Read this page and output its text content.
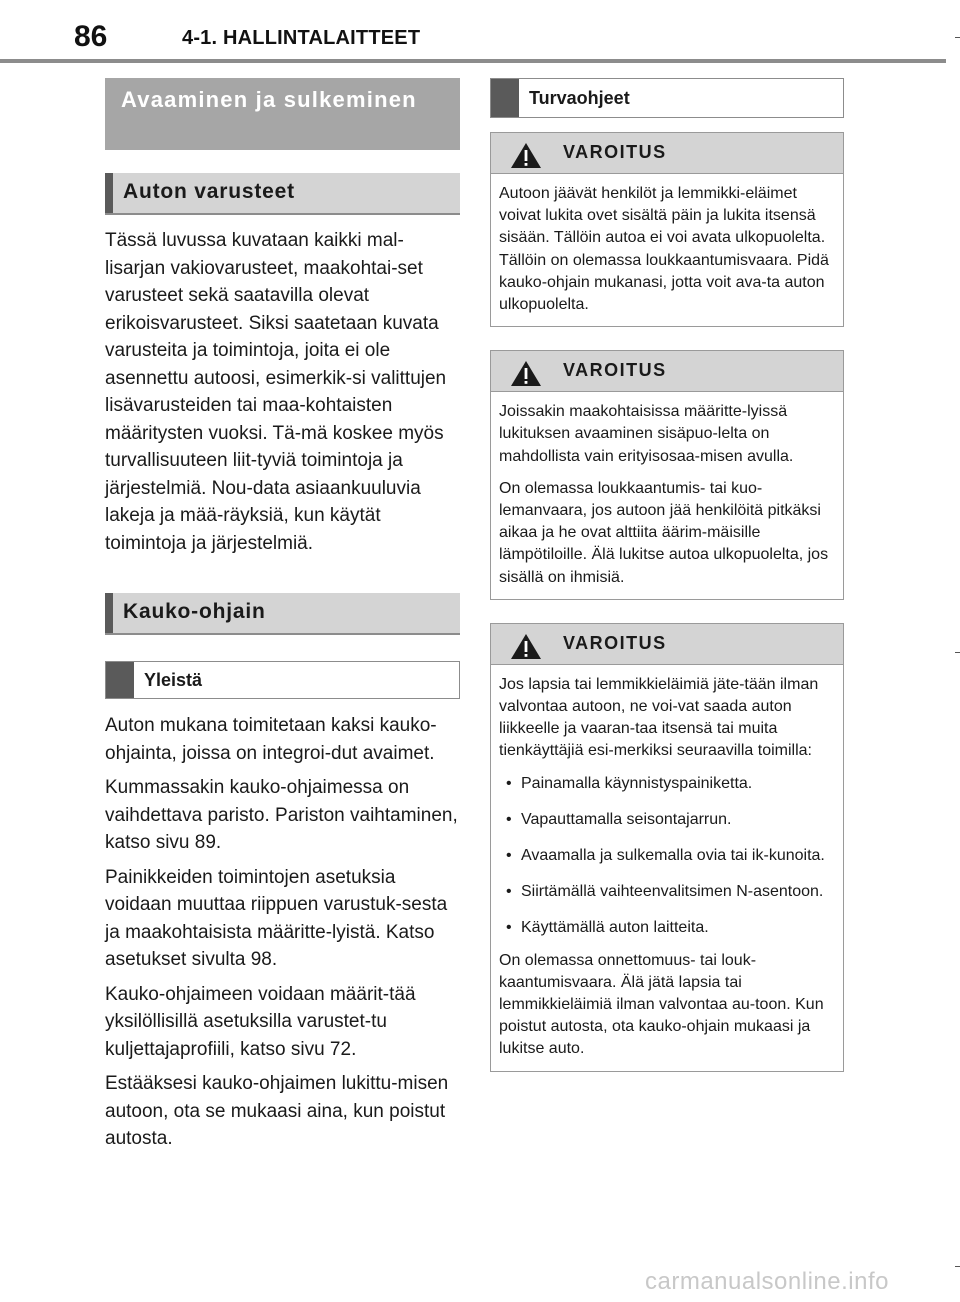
86	4-1. HALLINTALAITTEET
Avaaminen ja sulkeminen
Auton varusteet

Tässä luvussa kuvataan kaikki mal-lisarjan vakiovarusteet, maakohtai-set varusteet sekä saatavilla olevat erikoisvarusteet. Siksi saatetaan kuvata varusteita ja toimintoja, joita ei ole asennettu autoosi, esimerkik-si valittujen lisävarusteiden tai maa-kohtaisten määritysten vuoksi. Tä-mä koskee myös turvallisuuteen liit-tyviä toimintoja ja järjestelmiä. Nou-data asiaankuuluvia lakeja ja mää-räyksiä, kun käytät toimintoja ja järjestelmiä.

Kauko-ohjain
Yleistä

Auton mukana toimitetaan kaksi kauko-ohjainta, joissa on integroi-dut avaimet.

Kummassakin kauko-ohjaimessa on vaihdettava paristo. Pariston vaihtaminen, katso sivu 89.

Painikkeiden toimintojen asetuksia voidaan muuttaa riippuen varustuk-sesta ja maakohtaisista määritte-lyistä. Katso asetukset sivulta 98.

Kauko-ohjaimeen voidaan määrit-tää yksilöllisillä asetuksilla varustet-tu kuljettajaprofiili, katso sivu 72.

Estääksesi kauko-ohjaimen lukittu-misen autoon, ota se mukaasi aina, kun poistut autosta.

Turvaohjeet
VAROITUS

Autoon jäävät henkilöt ja lemmikki-eläimet voivat lukita ovet sisältä päin ja lukita itsensä sisään. Tällöin autoa ei voi avata ulkopuolelta. Tällöin on olemassa loukkaantumisvaara. Pidä kauko-ohjain mukanasi, jotta voit ava-ta auton ulkopuolelta.

VAROITUS

Joissakin maakohtaisissa määritte-lyissä lukituksen avaaminen sisäpuo-lelta on mahdollista vain erityisosaa-misen avulla.

On olemassa loukkaantumis- tai kuo-lemanvaara, jos autoon jää henkilöitä pitkäksi aikaa ja he ovat alttiita äärim-mäisille lämpötiloille. Älä lukitse autoa ulkopuolelta, jos sisällä on ihmisiä.

VAROITUS

Jos lapsia tai lemmikkieläimiä jäte-tään ilman valvontaa autoon, ne voi-vat saada auton liikkeelle ja vaaran-taa itsensä tai muita tienkäyttäjiä esi-merkiksi seuraavilla toimilla:

• Painamalla käynnistyspainiketta.
• Vapauttamalla seisontajarrun.
• Avaamalla ja sulkemalla ovia tai ik-kunoita.
• Siirtämällä vaihteenvalitsimen N-asentoon.
• Käyttämällä auton laitteita.

On olemassa onnettomuus- tai louk-kaantumisvaara. Älä jätä lapsia tai lemmikkieläimiä ilman valvontaa au-toon. Kun poistut autosta, ota kauko-ohjain mukaasi ja lukitse auto.

carmanualsonline.info
